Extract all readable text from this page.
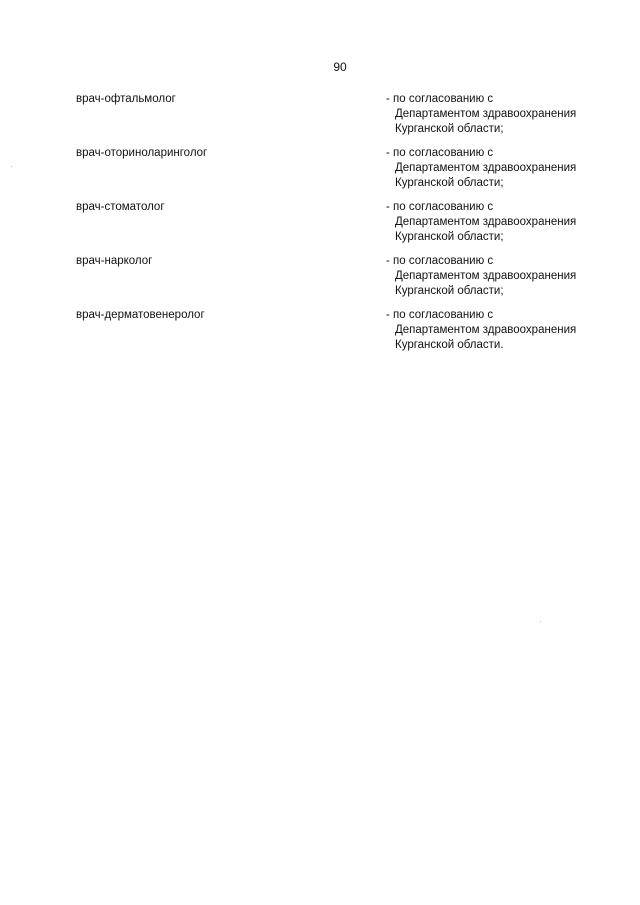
90
врач-офтальмолог	- по согласованию с
Департаментом здравоохранения
Курганской области;
врач-оториноларинголог	- по согласованию с
Департаментом здравоохранения
Курганской области;
врач-стоматолог	- по согласованию с
Департаментом здравоохранения
Курганской области;
врач-нарколог	- по согласованию с
Департаментом здравоохранения
Курганской области;
врач-дерматовенеролог	- по согласованию с
Департаментом здравоохранения
Курганской области.
